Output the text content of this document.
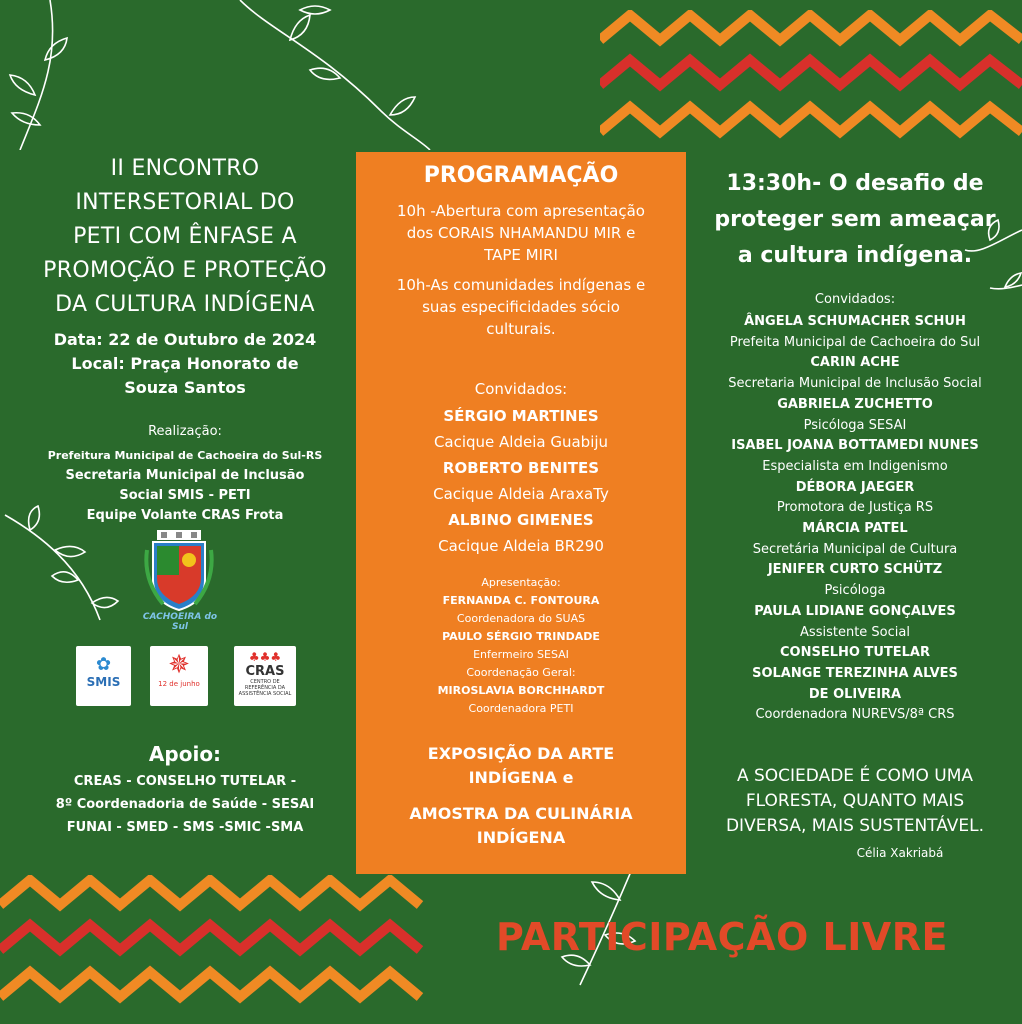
II ENCONTRO
INTERSETORIAL DO
PETI COM ÊNFASE A
PROMOÇÃO E PROTEÇÃO
DA CULTURA INDÍGENA
Data: 22 de Outubro de 2024
Local: Praça Honorato de
Souza Santos
Realização:
Prefeitura Municipal de Cachoeira do Sul-RS
Secretaria Municipal de Inclusão
Social SMIS - PETI
Equipe Volante CRAS Frota
CACHOEIRA do Sul
✿
SMIS
✵
12 de junho
♣♣♣
CRAS
CENTRO DE REFERÊNCIA DA ASSISTÊNCIA SOCIAL
Apoio:
CREAS - CONSELHO TUTELAR -
8º Coordenadoria de Saúde - SESAI
FUNAI - SMED - SMS -SMIC -SMA
PROGRAMAÇÃO
10h -Abertura com apresentação
dos CORAIS NHAMANDU MIR e
TAPE MIRI
10h-As comunidades indígenas e
suas especificidades sócio
culturais.
Convidados:
SÉRGIO MARTINES
Cacique Aldeia Guabiju
ROBERTO BENITES
Cacique Aldeia AraxaTy
ALBINO GIMENES
Cacique Aldeia BR290
Apresentação:
FERNANDA C. FONTOURA
Coordenadora do SUAS
PAULO SÉRGIO TRINDADE
Enfermeiro SESAI
Coordenação Geral:
MIROSLAVIA BORCHHARDT
Coordenadora PETI
EXPOSIÇÃO DA ARTE
INDÍGENA e
AMOSTRA DA CULINÁRIA
INDÍGENA
13:30h- O desafio de
proteger sem ameaçar
a cultura indígena.
Convidados:
ÂNGELA SCHUMACHER SCHUH
Prefeita Municipal de Cachoeira do Sul
CARIN ACHE
Secretaria Municipal de Inclusão Social
GABRIELA ZUCHETTO
Psicóloga SESAI
ISABEL JOANA BOTTAMEDI NUNES
Especialista em Indigenismo
DÉBORA JAEGER
Promotora de Justiça RS
MÁRCIA PATEL
Secretária Municipal de Cultura
JENIFER CURTO SCHÜTZ
Psicóloga
PAULA LIDIANE GONÇALVES
Assistente Social
CONSELHO TUTELAR
SOLANGE TEREZINHA ALVES
DE OLIVEIRA
Coordenadora NUREVS/8ª CRS
A SOCIEDADE É COMO UMA
FLORESTA, QUANTO MAIS
DIVERSA, MAIS SUSTENTÁVEL.
Célia Xakriabá
PARTICIPAÇÃO LIVRE
